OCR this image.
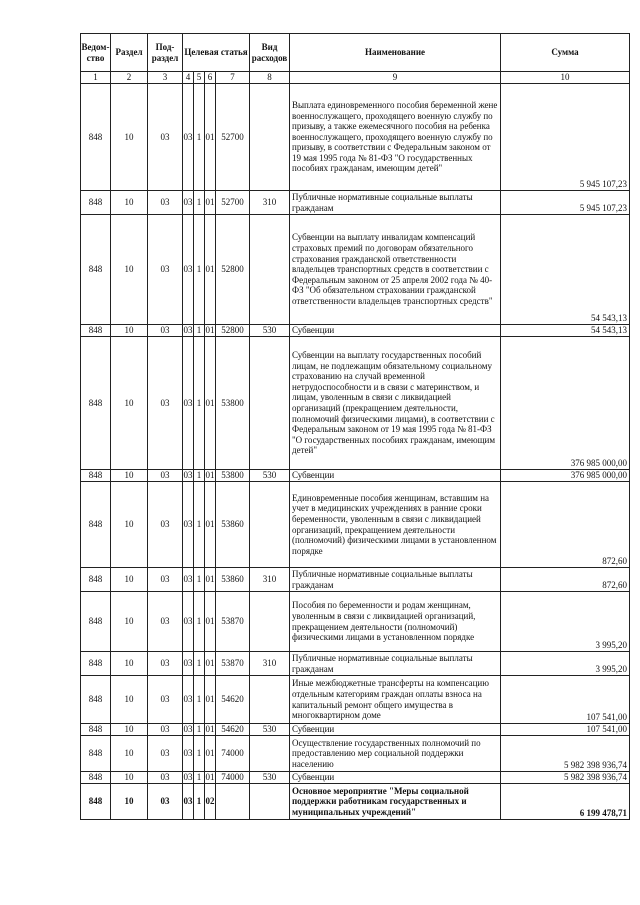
Ведом-ство	Раздел	Под-раздел	Целевая статья				Вид расходов	Наименование	Сумма
1	2	3	4	5	6	7	8	9	10
848	10	03	03	1	01	52700		Выплата единовременного пособия беременной жене военнослужащего, проходящего военную службу по призыву, а также ежемесячного пособия на ребенка военнослужащего, проходящего военную службу по призыву, в соответствии с Федеральным законом от 19 мая 1995 года № 81-ФЗ "О государственных пособиях гражданам, имеющим детей"	5 945 107,23
848	10	03	03	1	01	52700	310	Публичные нормативные социальные выплаты гражданам	5 945 107,23
848	10	03	03	1	01	52800		Субвенции на выплату инвалидам компенсаций страховых премий по договорам обязательного страхования гражданской ответственности владельцев транспортных средств в соответствии с Федеральным законом от 25 апреля 2002 года № 40-ФЗ "Об обязательном страховании гражданской ответственности владельцев транспортных средств"	54 543,13
848	10	03	03	1	01	52800	530	Субвенции	54 543,13
848	10	03	03	1	01	53800		Субвенции на выплату государственных пособий лицам, не подлежащим обязательному социальному страхованию на случай временной нетрудоспособности и в связи с материнством, и лицам, уволенным в связи с ликвидацией организаций (прекращением деятельности, полномочий физическими лицами), в соответствии с Федеральным законом от 19 мая 1995 года № 81-ФЗ "О государственных пособиях гражданам, имеющим детей"	376 985 000,00
848	10	03	03	1	01	53800	530	Субвенции	376 985 000,00
848	10	03	03	1	01	53860		Единовременные пособия женщинам, вставшим на учет в медицинских учреждениях в ранние сроки беременности, уволенным в связи с ликвидацией организаций, прекращением деятельности (полномочий) физическими лицами в установленном порядке	872,60
848	10	03	03	1	01	53860	310	Публичные нормативные социальные выплаты гражданам	872,60
848	10	03	03	1	01	53870		Пособия по беременности и родам женщинам, уволенным в связи с ликвидацией организаций, прекращением деятельности (полномочий) физическими лицами в установленном порядке	3 995,20
848	10	03	03	1	01	53870	310	Публичные нормативные социальные выплаты гражданам	3 995,20
848	10	03	03	1	01	54620		Иные межбюджетные трансферты на компенсацию отдельным категориям граждан оплаты взноса на капитальный ремонт общего имущества в многоквартирном доме	107 541,00
848	10	03	03	1	01	54620	530	Субвенции	107 541,00
848	10	03	03	1	01	74000		Осуществление государственных полномочий по предоставлению мер социальной поддержки населению	5 982 398 936,74
848	10	03	03	1	01	74000	530	Субвенции	5 982 398 936,74
848	10	03	03	1	02			Основное мероприятие "Меры социальной поддержки работникам государственных и муниципальных учреждений"	6 199 478,71
